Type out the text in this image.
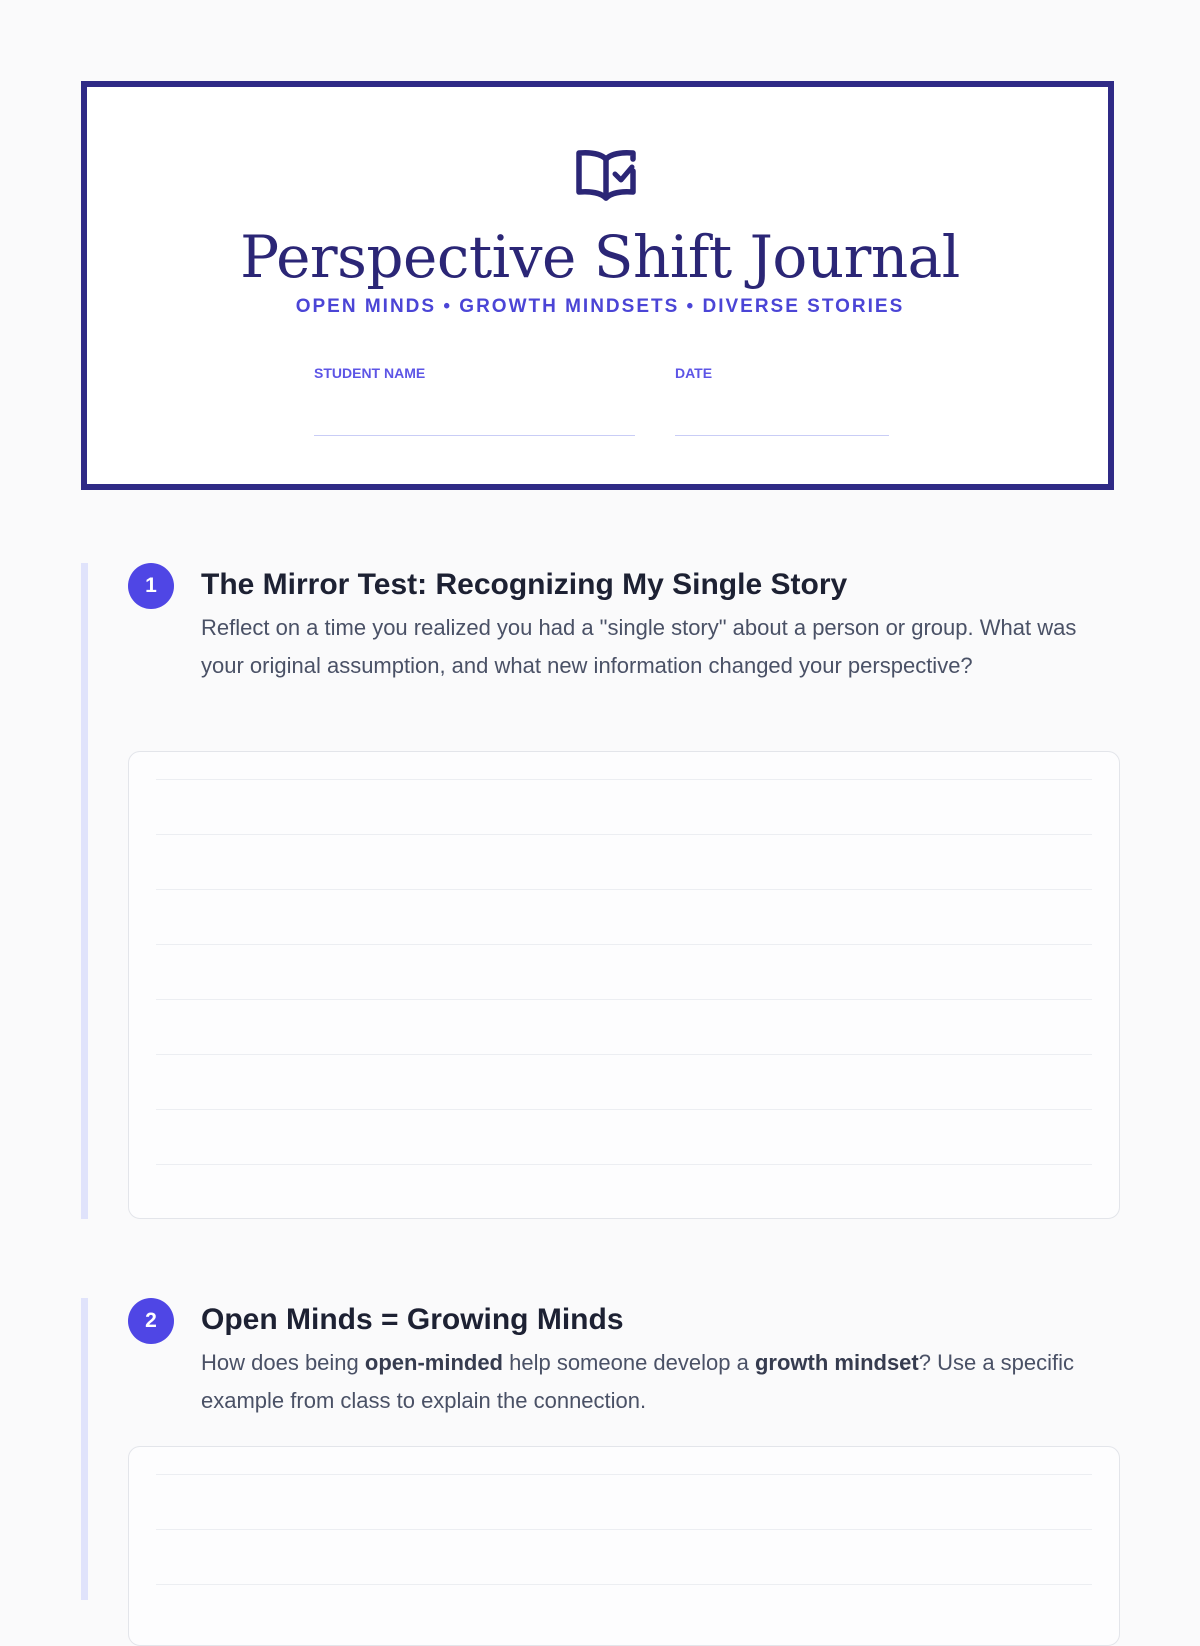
Perspective Shift Journal
OPEN MINDS • GROWTH MINDSETS • DIVERSE STORIES
STUDENT NAME	DATE
1	The Mirror Test: Recognizing My Single Story
Reflect on a time you realized you had a "single story" about a person or group. What was your original assumption, and what new information changed your perspective?
2	Open Minds = Growing Minds
How does being open-minded help someone develop a growth mindset? Use a specific example from class to explain the connection.
